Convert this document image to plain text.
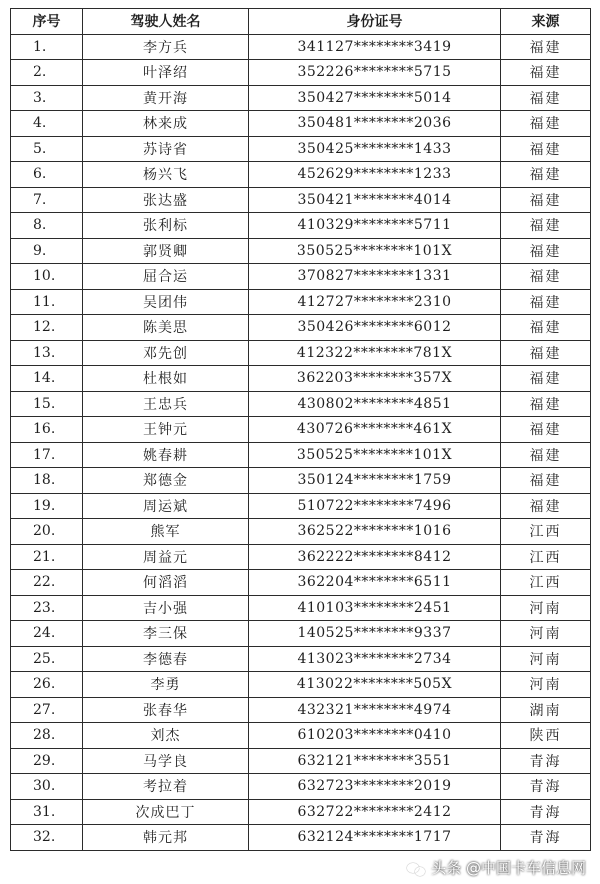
序号	驾驶人姓名	身份证号	来源
1.	李方兵	341127********3419	福建
2.	叶泽绍	352226********5715	福建
3.	黄开海	350427********5014	福建
4.	林来成	350481********2036	福建
5.	苏诗省	350425********1433	福建
6.	杨兴飞	452629********1233	福建
7.	张达盛	350421********4014	福建
8.	张利标	410329********5711	福建
9.	郭贤卿	350525********101X	福建
10.	屈合运	370827********1331	福建
11.	吴团伟	412727********2310	福建
12.	陈美思	350426********6012	福建
13.	邓先创	412322********781X	福建
14.	杜根如	362203********357X	福建
15.	王忠兵	430802********4851	福建
16.	王钟元	430726********461X	福建
17.	姚春耕	350525********101X	福建
18.	郑德金	350124********1759	福建
19.	周运斌	510722********7496	福建
20.	熊军	362522********1016	江西
21.	周益元	362222********8412	江西
22.	何滔滔	362204********6511	江西
23.	吉小强	410103********2451	河南
24.	李三保	140525********9337	河南
25.	李德春	413023********2734	河南
26.	李勇	413022********505X	河南
27.	张春华	432321********4974	湖南
28.	刘杰	610203********0410	陕西
29.	马学良	632121********3551	青海
30.	考拉着	632723********2019	青海
31.	次成巴丁	632722********2412	青海
32.	韩元邦	632124********1717	青海
头条 @中国卡车信息网
